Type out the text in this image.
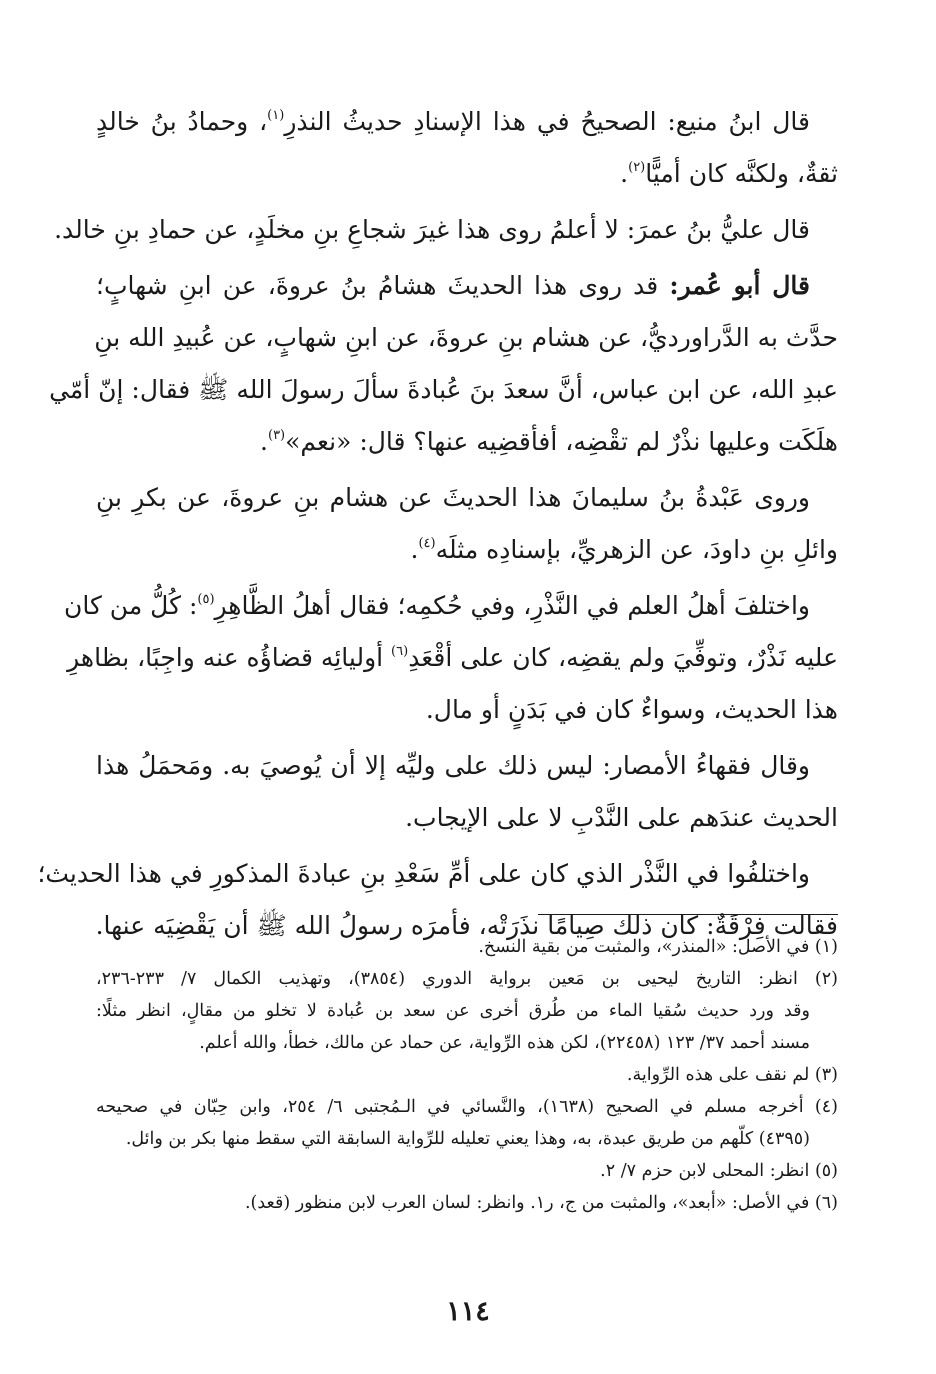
قال ابنُ منيع: الصحيحُ في هذا الإسنادِ حديثُ النذرِ$^{(١)}$، وحمادُ بنُ خالدٍ
ثقةٌ، ولكنَّه كان أميًّا$^{(٢)}$.

قال عليُّ بنُ عمرَ: لا أعلمُ روى هذا غيرَ شجاعِ بنِ مخلَدٍ، عن حمادِ بنِ خالد.

قال أبو عُمر: قد روى هذا الحديثَ هشامُ بنُ عروةَ، عن ابنِ شهابٍ؛
حدَّث به الدَّراورديُّ، عن هشام بنِ عروةَ، عن ابنِ شهابٍ، عن عُبيدِ الله بنِ
عبدِ الله، عن ابن عباس، أنَّ سعدَ بنَ عُبادةَ سألَ رسولَ الله ﷺ فقال: إنّ أمّي
هلَكَت وعليها نذْرٌ لم تقْضِه، أفأقضِيه عنها؟ قال: «نعم»$^{(٣)}$.

وروى عَبْدةُ بنُ سليمانَ هذا الحديثَ عن هشام بنِ عروةَ، عن بكرِ بنِ
وائلِ بنِ داودَ، عن الزهريِّ، بإسنادِه مثلَه$^{(٤)}$.

واختلفَ أهلُ العلم في النَّذْرِ، وفي حُكمِه؛ فقال أهلُ الظَّاهِرِ$^{(٥)}$: كُلُّ من كان
عليه نَذْرٌ، وتوفِّيَ ولم يقضِه، كان على أقْعَدِ$^{(٦)}$ أوليائِه قضاؤُه عنه واجِبًا، بظاهرِ
هذا الحديث، وسواءٌ كان في بَدَنٍ أو مال.

وقال فقهاءُ الأمصار: ليس ذلك على وليِّه إلا أن يُوصيَ به. ومَحمَلُ هذا
الحديث عندَهم على النَّدْبِ لا على الإيجاب.

واختلفُوا في النَّذْر الذي كان على أمِّ سَعْدِ بنِ عبادةَ المذكورِ في هذا الحديث؛
فقالت فِرْقَةٌ: كان ذلك صِيامًا نذَرَتْه، فأمرَه رسولُ الله ﷺ أن يَقْضِيَه عنها.

(١) في الأصل: «المنذر»، والمثبت من بقية النسخ.
(٢) انظر: التاريخ ليحيى بن مَعين برواية الدوري (٣٨٥٤)، وتهذيب الكمال ٧/ ٢٣٣-٢٣٦،
وقد ورد حديث سُقيا الماء من طُرق أخرى عن سعد بن عُبادة لا تخلو من مقالٍ، انظر مثلًا:
مسند أحمد ٣٧/ ١٢٣ (٢٢٤٥٨)، لكن هذه الرِّواية، عن حماد عن مالك، خطأ، والله أعلم.
(٣) لم نقف على هذه الرِّواية.
(٤) أخرجه مسلم في الصحيح (١٦٣٨)، والنَّسائي في الـمُجتبى ٦/ ٢٥٤، وابن حِبّان في صحيحه
(٤٣٩٥) كلّهم من طريق عبدة، به، وهذا يعني تعليله للرِّواية السابقة التي سقط منها بكر بن وائل.
(٥) انظر: المحلى لابن حزم ٧/ ٢.
(٦) في الأصل: «أبعد»، والمثبت من ج، ر١. وانظر: لسان العرب لابن منظور (قعد).
١١٤
